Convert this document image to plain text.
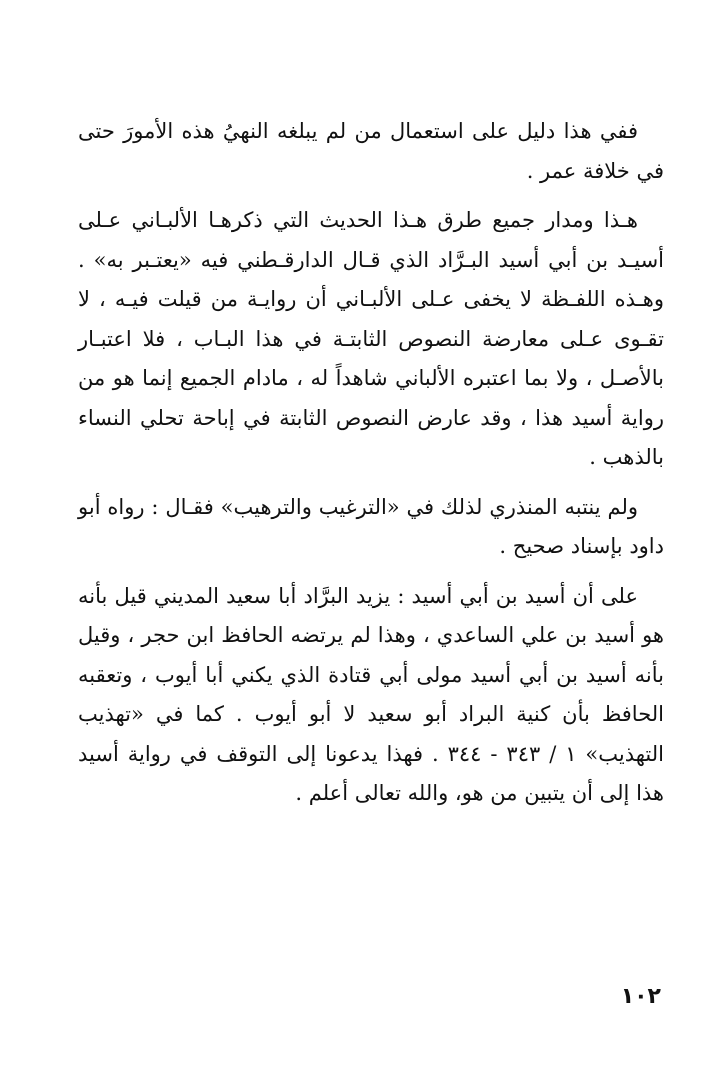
ففي هذا دليل على استعمال من لم يبلغه النهيُ هذه الأمورَ حتى في خلافة عمر .

هـذا ومدار جميع طرق هـذا الحديث التي ذكرهـا الألبـاني عـلى أسيـد بن أبي أسيد البـرَّاد الذي قـال الدارقـطني فيه «يعتـبر به» . وهـذه اللفـظة لا يخفى عـلى الألبـاني أن روايـة من قيلت فيـه ، لا تقـوى عـلى معارضة النصوص الثابتـة في هذا البـاب ، فلا اعتبـار بالأصـل ، ولا بما اعتبره الألباني شاهداً له ، مادام الجميع إنما هو من رواية أسيد هذا ، وقد عارض النصوص الثابتة في إباحة تحلي النساء بالذهب .

ولم ينتبه المنذري لذلك في «الترغيب والترهيب» فقـال : رواه أبو داود بإسناد صحيح .

على أن أسيد بن أبي أسيد : يزيد البرَّاد أبا سعيد المديني قيل بأنه هو أسيد بن علي الساعدي ، وهذا لم يرتضه الحافظ ابن حجر ، وقيل بأنه أسيد بن أبي أسيد مولى أبي قتادة الذي يكني أبا أيوب ، وتعقبه الحافظ بأن كنية البراد أبو سعيد لا أبو أيوب . كما في «تهذيب التهذيب» ١ / ٣٤٣ - ٣٤٤ . فهذا يدعونا إلى التوقف في رواية أسيد هذا إلى أن يتبين من هو، والله تعالى أعلم .

١٠٢
